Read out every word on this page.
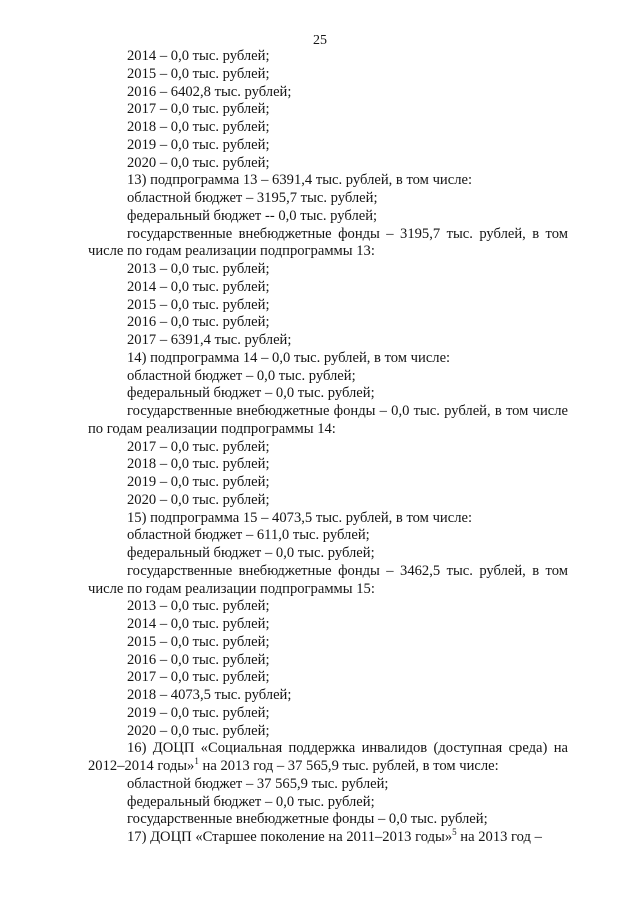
25
2014 – 0,0 тыс. рублей;
2015 – 0,0 тыс. рублей;
2016 – 6402,8 тыс. рублей;
2017 – 0,0 тыс. рублей;
2018 – 0,0 тыс. рублей;
2019 – 0,0 тыс. рублей;
2020 – 0,0 тыс. рублей;
13) подпрограмма 13 – 6391,4 тыс. рублей, в том числе:
областной бюджет – 3195,7 тыс. рублей;
федеральный бюджет -- 0,0 тыс. рублей;
государственные внебюджетные фонды – 3195,7 тыс. рублей, в том
числе по годам реализации подпрограммы 13:
2013 – 0,0 тыс. рублей;
2014 – 0,0 тыс. рублей;
2015 – 0,0 тыс. рублей;
2016 – 0,0 тыс. рублей;
2017 – 6391,4 тыс. рублей;
14) подпрограмма 14 – 0,0 тыс. рублей, в том числе:
областной бюджет – 0,0 тыс. рублей;
федеральный бюджет – 0,0 тыс. рублей;
государственные внебюджетные фонды – 0,0 тыс. рублей, в том числе
по годам реализации подпрограммы 14:
2017 – 0,0 тыс. рублей;
2018 – 0,0 тыс. рублей;
2019 – 0,0 тыс. рублей;
2020 – 0,0 тыс. рублей;
15) подпрограмма 15 – 4073,5 тыс. рублей, в том числе:
областной бюджет – 611,0 тыс. рублей;
федеральный бюджет – 0,0 тыс. рублей;
государственные внебюджетные фонды – 3462,5 тыс. рублей, в том
числе по годам реализации подпрограммы 15:
2013 – 0,0 тыс. рублей;
2014 – 0,0 тыс. рублей;
2015 – 0,0 тыс. рублей;
2016 – 0,0 тыс. рублей;
2017 – 0,0 тыс. рублей;
2018 – 4073,5 тыс. рублей;
2019 – 0,0 тыс. рублей;
2020 – 0,0 тыс. рублей;
16) ДОЦП «Социальная поддержка инвалидов (доступная среда) на
2012–2014 годы»$^1$ на 2013 год – 37 565,9 тыс. рублей, в том числе:
областной бюджет – 37 565,9 тыс. рублей;
федеральный бюджет – 0,0 тыс. рублей;
государственные внебюджетные фонды – 0,0 тыс. рублей;
17) ДОЦП «Старшее поколение на 2011–2013 годы»$^5$ на 2013 год –
